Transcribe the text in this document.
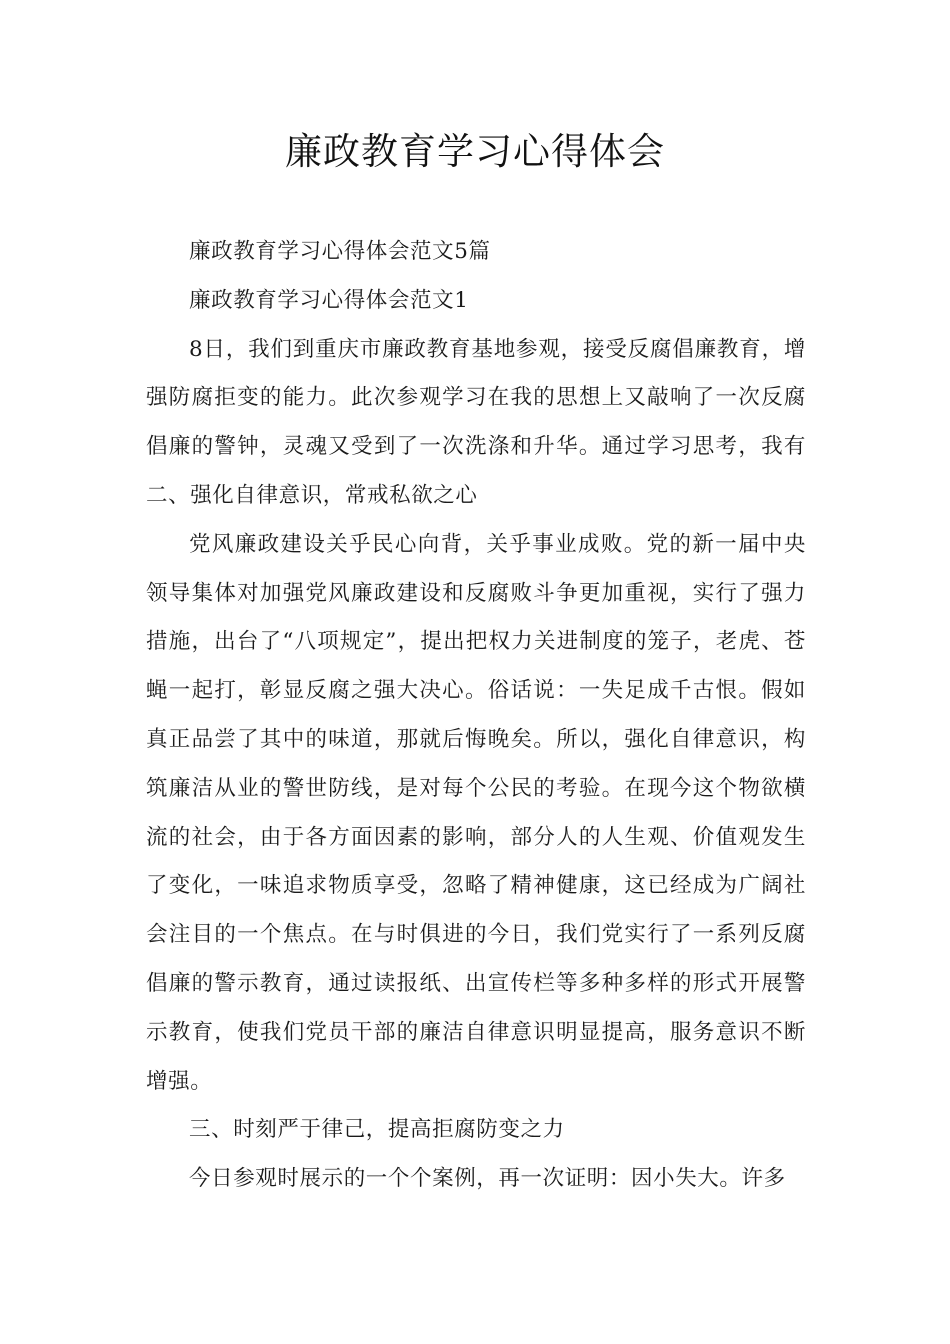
廉政教育学习心得体会

廉政教育学习心得体会范文5篇

廉政教育学习心得体会范文1

8日，我们到重庆市廉政教育基地参观，接受反腐倡廉教育，增强防腐拒变的能力。此次参观学习在我的思想上又敲响了一次反腐倡廉的警钟，灵魂又受到了一次洗涤和升华。通过学习思考，我有二、强化自律意识，常戒私欲之心

党风廉政建设关乎民心向背，关乎事业成败。党的新一届中央领导集体对加强党风廉政建设和反腐败斗争更加重视，实行了强力措施，出台了“八项规定”，提出把权力关进制度的笼子，老虎、苍蝇一起打，彰显反腐之强大决心。俗话说：一失足成千古恨。假如真正品尝了其中的味道，那就后悔晚矣。所以，强化自律意识，构筑廉洁从业的警世防线，是对每个公民的考验。在现今这个物欲横流的社会，由于各方面因素的影响，部分人的人生观、价值观发生了变化，一味追求物质享受，忽略了精神健康，这已经成为广阔社会注目的一个焦点。在与时俱进的今日，我们党实行了一系列反腐倡廉的警示教育，通过读报纸、出宣传栏等多种多样的形式开展警示教育，使我们党员干部的廉洁自律意识明显提高，服务意识不断增强。

三、时刻严于律己，提高拒腐防变之力

今日参观时展示的一个个案例，再一次证明：因小失大。许多
